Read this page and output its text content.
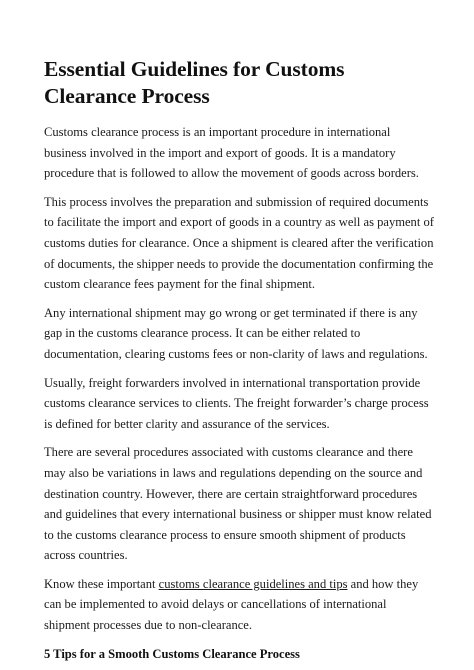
Essential Guidelines for Customs Clearance Process

Customs clearance process is an important procedure in international business involved in the import and export of goods. It is a mandatory procedure that is followed to allow the movement of goods across borders.

This process involves the preparation and submission of required documents to facilitate the import and export of goods in a country as well as payment of customs duties for clearance. Once a shipment is cleared after the verification of documents, the shipper needs to provide the documentation confirming the custom clearance fees payment for the final shipment.

Any international shipment may go wrong or get terminated if there is any gap in the customs clearance process. It can be either related to documentation, clearing customs fees or non-clarity of laws and regulations.

Usually, freight forwarders involved in international transportation provide customs clearance services to clients. The freight forwarder’s charge process is defined for better clarity and assurance of the services.

There are several procedures associated with customs clearance and there may also be variations in laws and regulations depending on the source and destination country. However, there are certain straightforward procedures and guidelines that every international business or shipper must know related to the customs clearance process to ensure smooth shipment of products across countries.

Know these important customs clearance guidelines and tips and how they can be implemented to avoid delays or cancellations of international shipment processes due to non-clearance.

5 Tips for a Smooth Customs Clearance Process
